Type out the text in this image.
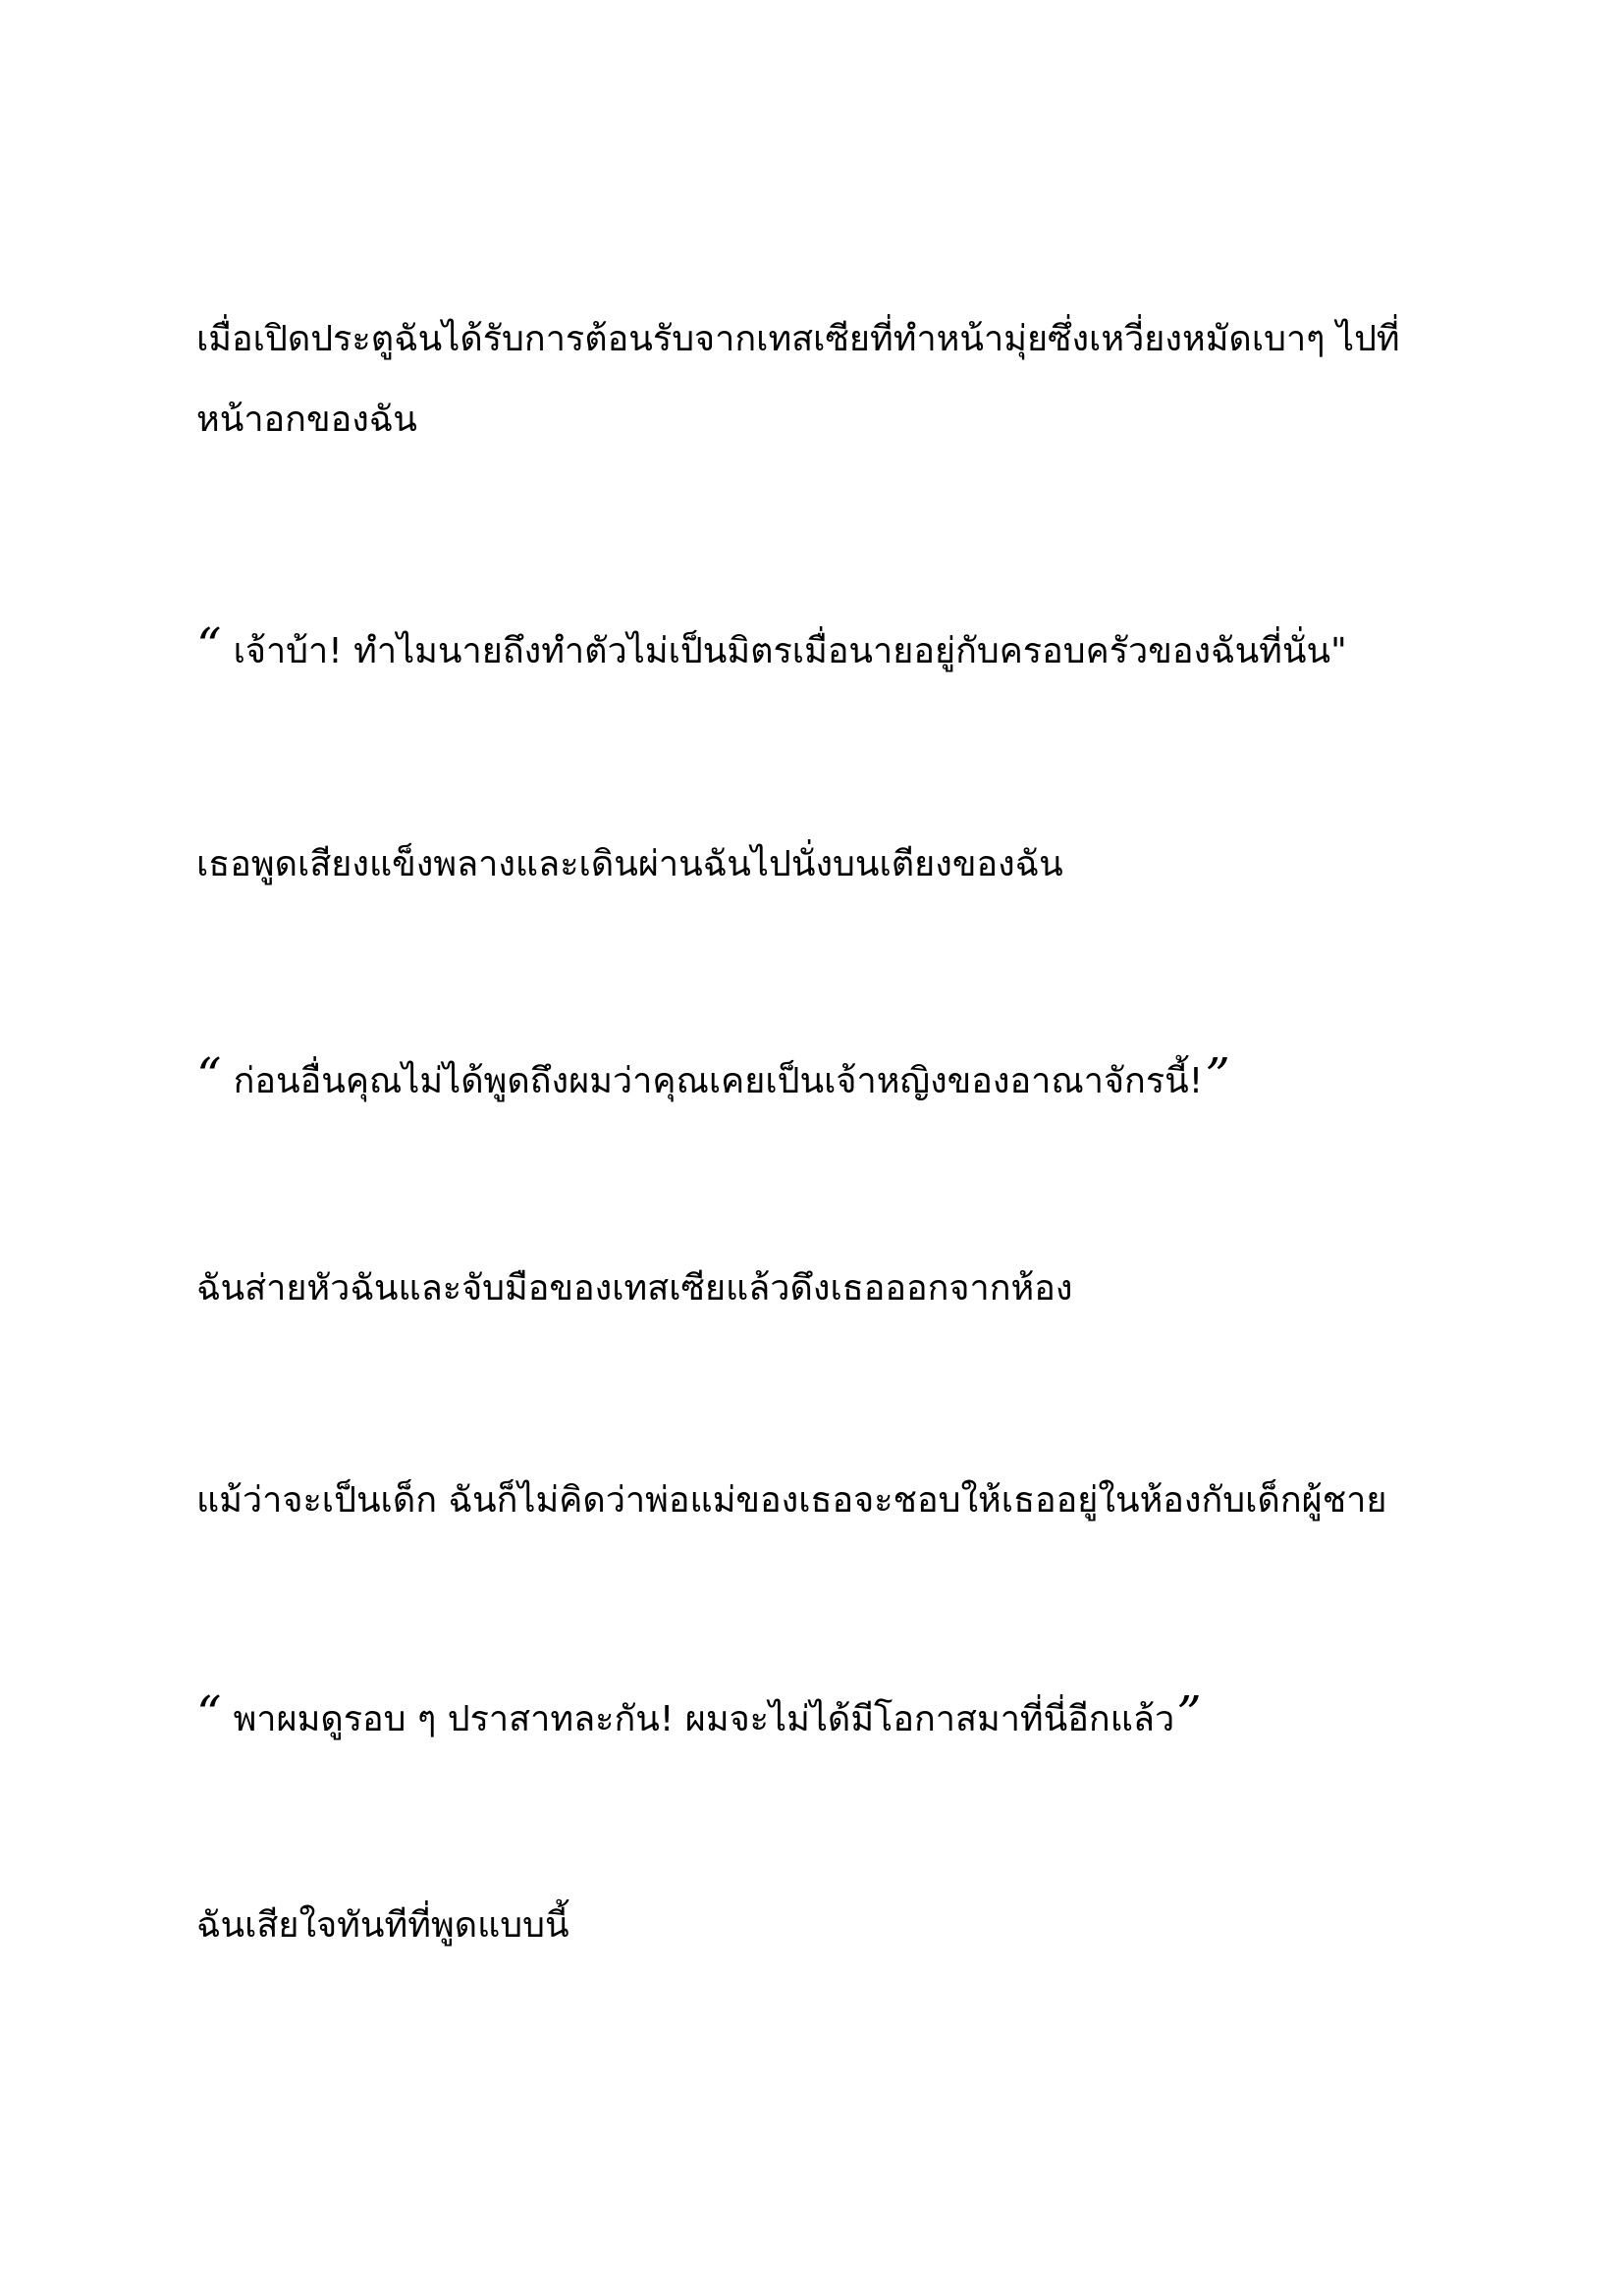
เมื่อเปิดประตูฉันได้รับการต้อนรับจากเทสเซียที่ทำหน้ามุ่ยซึ่งเหวี่ยงหมัดเบาๆ ไปที่หน้าอกของฉัน

“ เจ้าบ้า! ทำไมนายถึงทำตัวไม่เป็นมิตรเมื่อนายอยู่กับครอบครัวของฉันที่นั่น"

เธอพูดเสียงแข็งพลางและเดินผ่านฉันไปนั่งบนเตียงของฉัน

“ ก่อนอื่นคุณไม่ได้พูดถึงผมว่าคุณเคยเป็นเจ้าหญิงของอาณาจักรนี้!”

ฉันส่ายหัวฉันและจับมือของเทสเซียแล้วดึงเธอออกจากห้อง

แม้ว่าจะเป็นเด็ก ฉันก็ไม่คิดว่าพ่อแม่ของเธอจะชอบให้เธออยู่ในห้องกับเด็กผู้ชาย

“ พาผมดูรอบ ๆ ปราสาทละกัน! ผมจะไม่ได้มีโอกาสมาที่นี่อีกแล้ว”

ฉันเสียใจทันทีที่พูดแบบนี้
